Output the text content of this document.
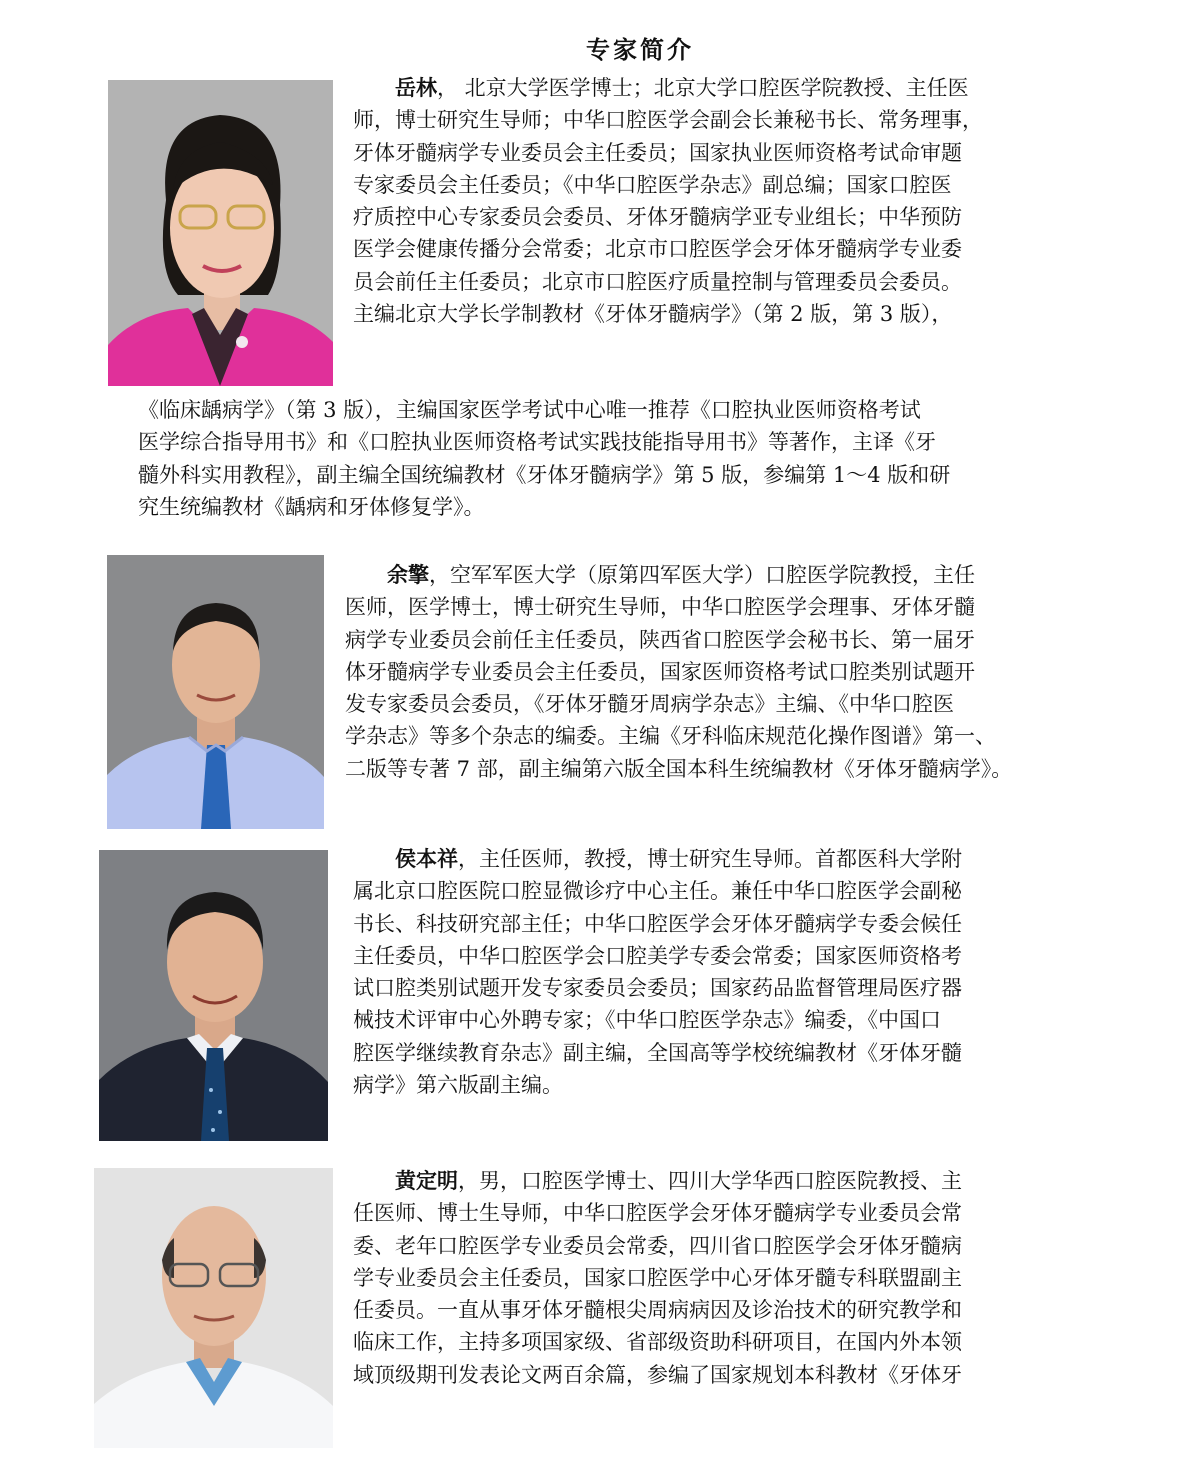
专家简介
岳林， 北京大学医学博士；北京大学口腔医学院教授、主任医
师，博士研究生导师；中华口腔医学会副会长兼秘书长、常务理事，
牙体牙髓病学专业委员会主任委员；国家执业医师资格考试命审题
专家委员会主任委员；《中华口腔医学杂志》副总编；国家口腔医
疗质控中心专家委员会委员、牙体牙髓病学亚专业组长；中华预防
医学会健康传播分会常委；北京市口腔医学会牙体牙髓病学专业委
员会前任主任委员；北京市口腔医疗质量控制与管理委员会委员。
主编北京大学长学制教材《牙体牙髓病学》（第 2 版，第 3 版），
《临床龋病学》（第 3 版），主编国家医学考试中心唯一推荐《口腔执业医师资格考试
医学综合指导用书》和《口腔执业医师资格考试实践技能指导用书》等著作，主译《牙
髓外科实用教程》，副主编全国统编教材《牙体牙髓病学》第 5 版，参编第 1～4 版和研
究生统编教材《龋病和牙体修复学》。
余擎，空军军医大学（原第四军医大学）口腔医学院教授，主任
医师，医学博士，博士研究生导师，中华口腔医学会理事、牙体牙髓
病学专业委员会前任主任委员，陕西省口腔医学会秘书长、第一届牙
体牙髓病学专业委员会主任委员，国家医师资格考试口腔类别试题开
发专家委员会委员，《牙体牙髓牙周病学杂志》主编、《中华口腔医
学杂志》等多个杂志的编委。主编《牙科临床规范化操作图谱》第一、
二版等专著 7 部，副主编第六版全国本科生统编教材《牙体牙髓病学》。
侯本祥，主任医师，教授，博士研究生导师。首都医科大学附
属北京口腔医院口腔显微诊疗中心主任。兼任中华口腔医学会副秘
书长、科技研究部主任；中华口腔医学会牙体牙髓病学专委会候任
主任委员，中华口腔医学会口腔美学专委会常委；国家医师资格考
试口腔类别试题开发专家委员会委员；国家药品监督管理局医疗器
械技术评审中心外聘专家；《中华口腔医学杂志》编委，《中国口
腔医学继续教育杂志》副主编，全国高等学校统编教材《牙体牙髓
病学》第六版副主编。
黄定明，男，口腔医学博士、四川大学华西口腔医院教授、主
任医师、博士生导师，中华口腔医学会牙体牙髓病学专业委员会常
委、老年口腔医学专业委员会常委，四川省口腔医学会牙体牙髓病
学专业委员会主任委员，国家口腔医学中心牙体牙髓专科联盟副主
任委员。一直从事牙体牙髓根尖周病病因及诊治技术的研究教学和
临床工作，主持多项国家级、省部级资助科研项目，在国内外本领
域顶级期刊发表论文两百余篇，参编了国家规划本科教材《牙体牙
